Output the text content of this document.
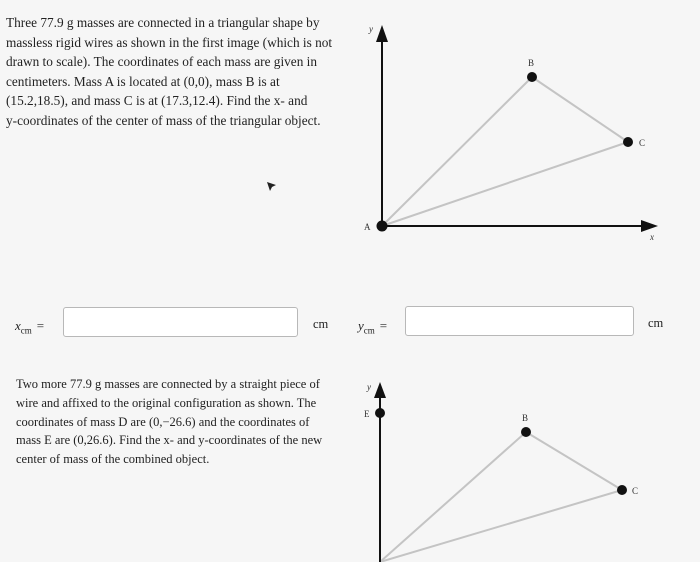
Three 77.9 g masses are connected in a triangular shape by
massless rigid wires as shown in the first image (which is not
drawn to scale). The coordinates of each mass are given in
centimeters. Mass A is located at (0,0), mass B is at
(15.2,18.5), and mass C is at (17.3,12.4). Find the x- and
y-coordinates of the center of mass of the triangular object.

y
x
A
B
C
$x_{cm}$ =	cm $y_{cm}$ =	cm

Two more 77.9 g masses are connected by a straight piece of
wire and affixed to the original configuration as shown. The
coordinates of mass D are (0,−26.6) and the coordinates of
mass E are (0,26.6). Find the x- and y-coordinates of the new
center of mass of the combined object.

y
E	B
C
